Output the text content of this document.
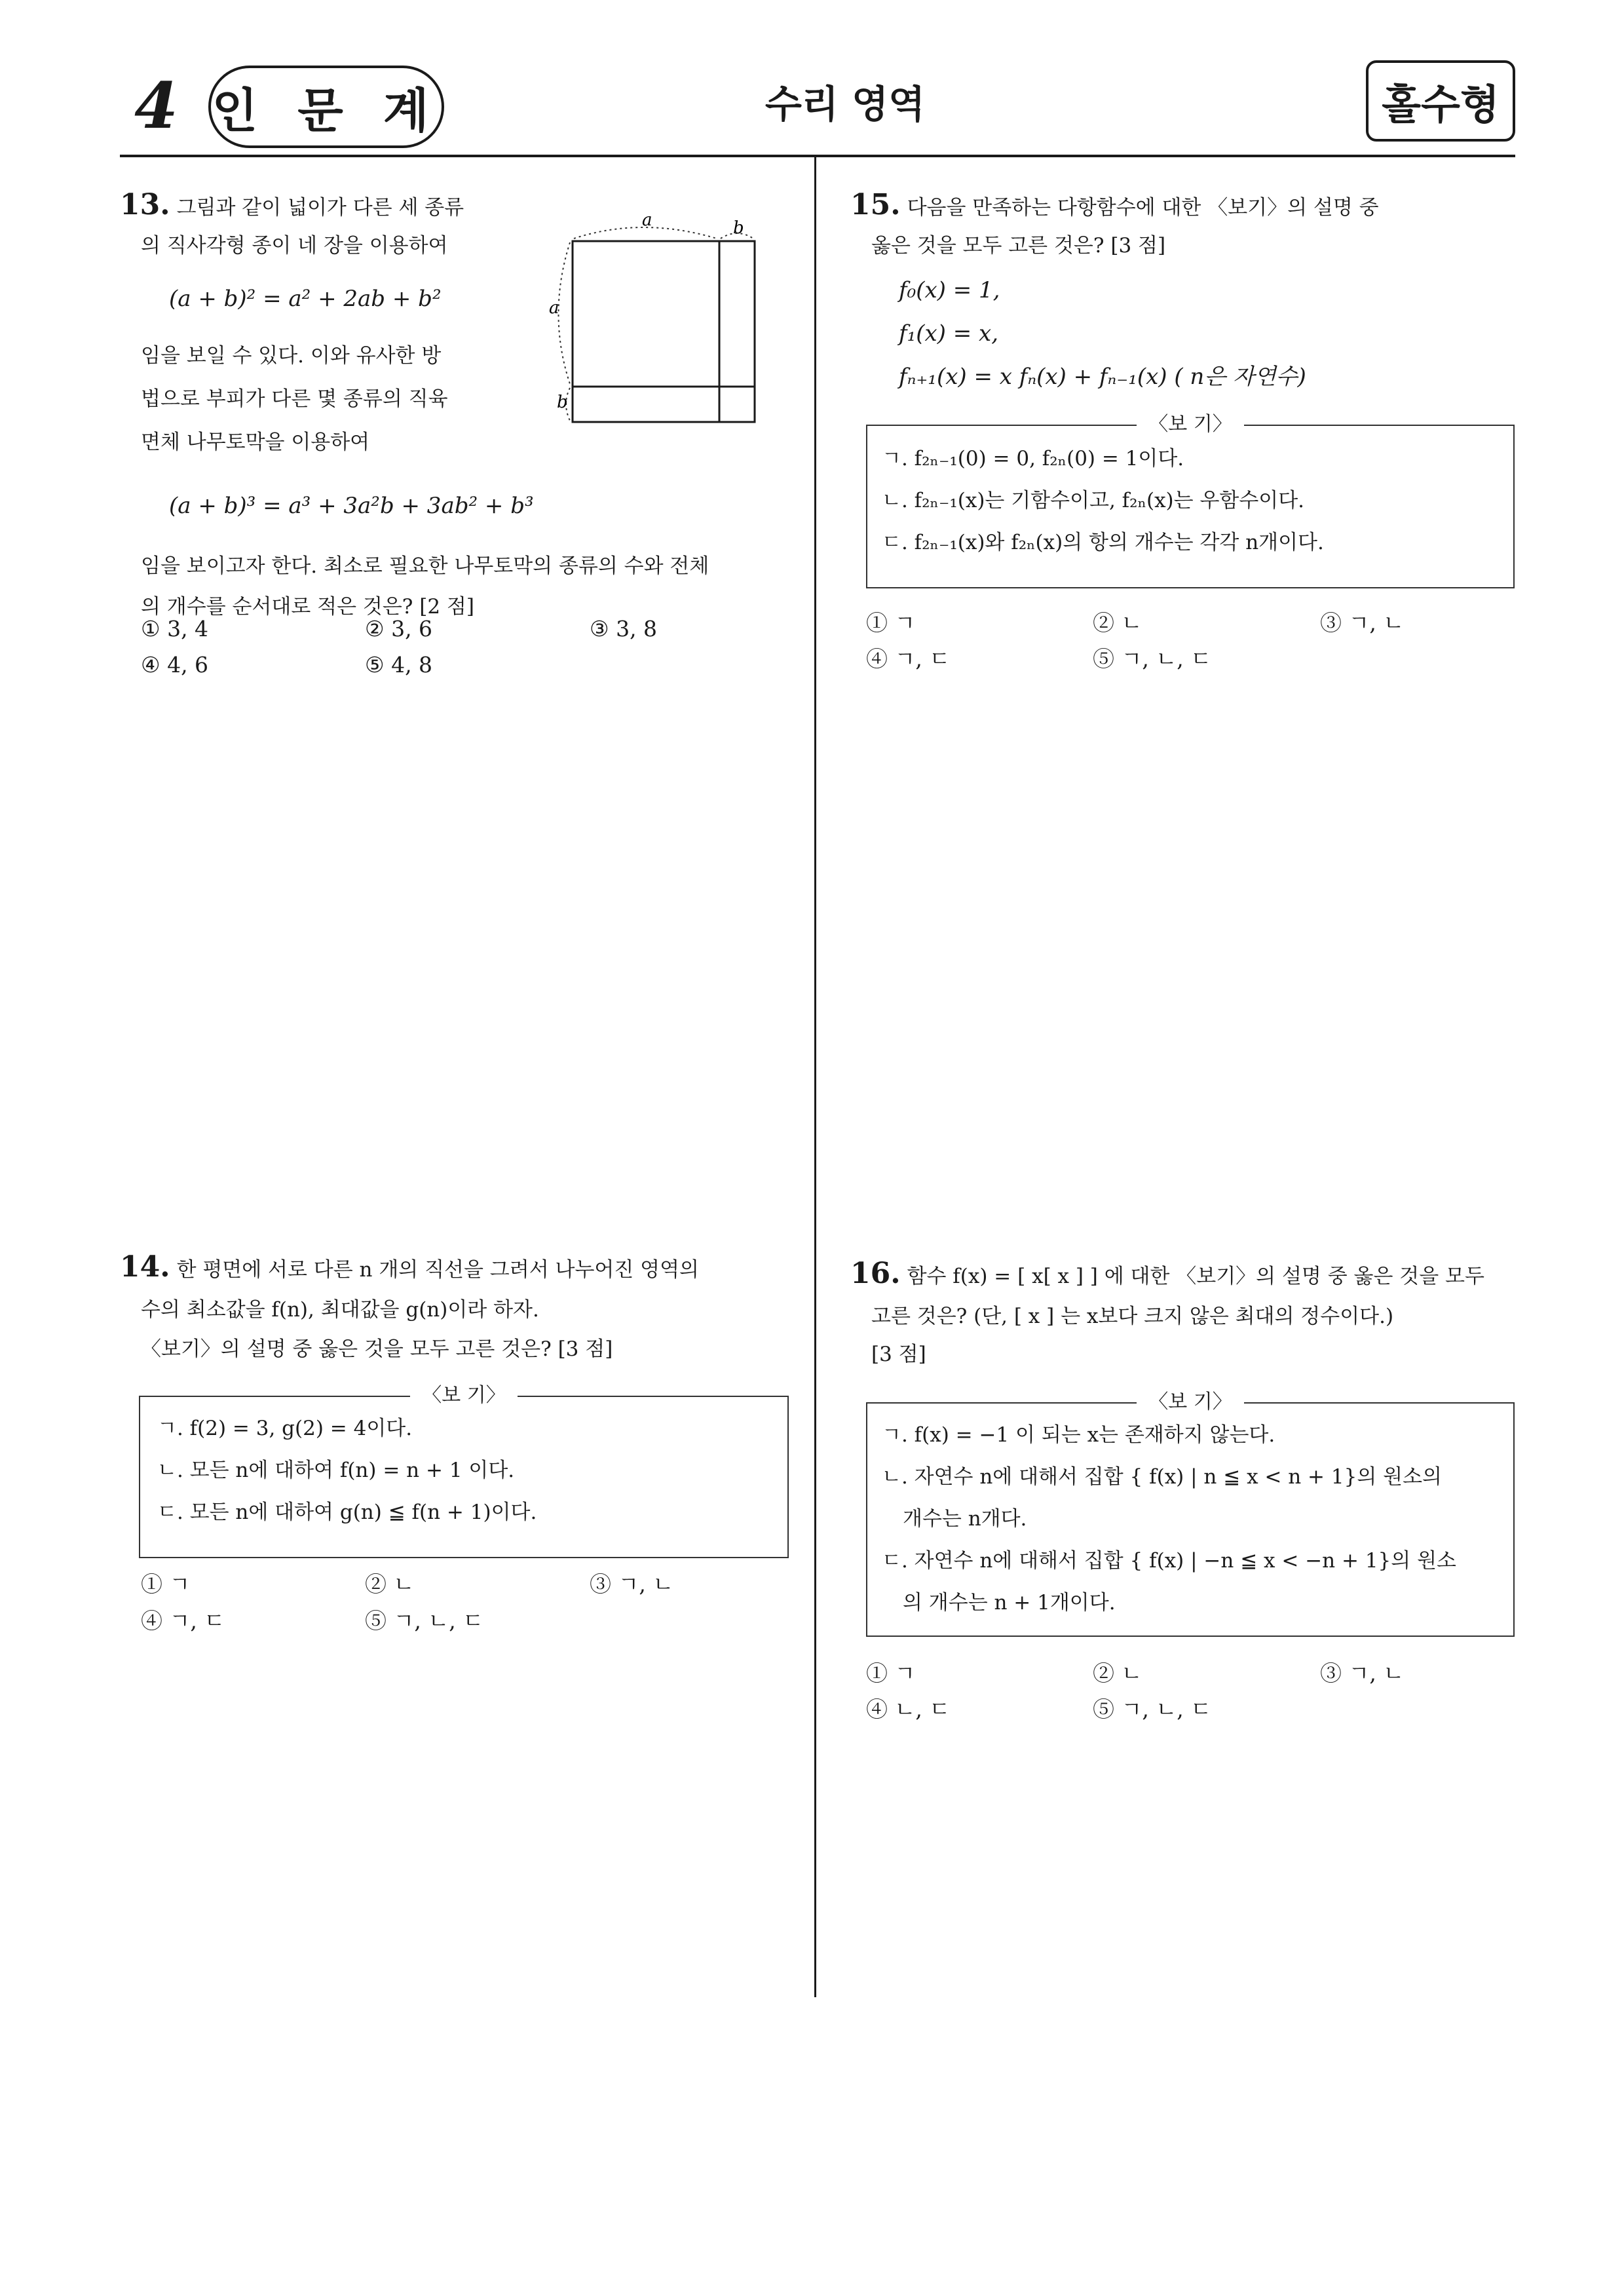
4 인 문 계	수리 영역	홀수형
13. 그림과 같이 넓이가 다른 세 종류
의 직사각형 종이 네 장을 이용하여
(a + b)² = a² + 2ab + b²
임을 보일 수 있다. 이와 유사한 방
법으로 부피가 다른 몇 종류의 직육
면체 나무토막을 이용하여
(a + b)³ = a³ + 3a²b + 3ab² + b³
임을 보이고자 한다. 최소로 필요한 나무토막의 종류의 수와 전체
의 개수를 순서대로 적은 것은? [2 점]
a	b
a
b
① 3, 4	② 3, 6	③ 3, 8
④ 4, 6	⑤ 4, 8
15. 다음을 만족하는 다항함수에 대한 〈보기〉의 설명 중
옳은 것을 모두 고른 것은? [3 점]
f₀(x) = 1,
f₁(x) = x,
fₙ₊₁(x) = x fₙ(x) + fₙ₋₁(x) ( n은 자연수)
〈보 기〉
ㄱ. f₂ₙ₋₁(0) = 0, f₂ₙ(0) = 1이다.
ㄴ. f₂ₙ₋₁(x)는 기함수이고, f₂ₙ(x)는 우함수이다.
ㄷ. f₂ₙ₋₁(x)와 f₂ₙ(x)의 항의 개수는 각각 n개이다.
① ㄱ	② ㄴ	③ ㄱ, ㄴ
④ ㄱ, ㄷ	⑤ ㄱ, ㄴ, ㄷ
14. 한 평면에 서로 다른 n 개의 직선을 그려서 나누어진 영역의
수의 최소값을 f(n), 최대값을 g(n)이라 하자.
〈보기〉의 설명 중 옳은 것을 모두 고른 것은? [3 점]
〈보 기〉
ㄱ. f(2) = 3, g(2) = 4이다.
ㄴ. 모든 n에 대하여 f(n) = n + 1 이다.
ㄷ. 모든 n에 대하여 g(n) ≦ f(n + 1)이다.
① ㄱ	② ㄴ	③ ㄱ, ㄴ
④ ㄱ, ㄷ	⑤ ㄱ, ㄴ, ㄷ
16. 함수 f(x) = [ x[ x ] ] 에 대한 〈보기〉의 설명 중 옳은 것을 모두
고른 것은? (단, [ x ] 는 x보다 크지 않은 최대의 정수이다.)
[3 점]
〈보 기〉
ㄱ. f(x) = −1 이 되는 x는 존재하지 않는다.
ㄴ. 자연수 n에 대해서 집합 { f(x) | n ≦ x < n + 1}의 원소의
개수는 n개다.
ㄷ. 자연수 n에 대해서 집합 { f(x) | −n ≦ x < −n + 1}의 원소
의 개수는 n + 1개이다.
① ㄱ	② ㄴ	③ ㄱ, ㄴ
④ ㄴ, ㄷ	⑤ ㄱ, ㄴ, ㄷ
